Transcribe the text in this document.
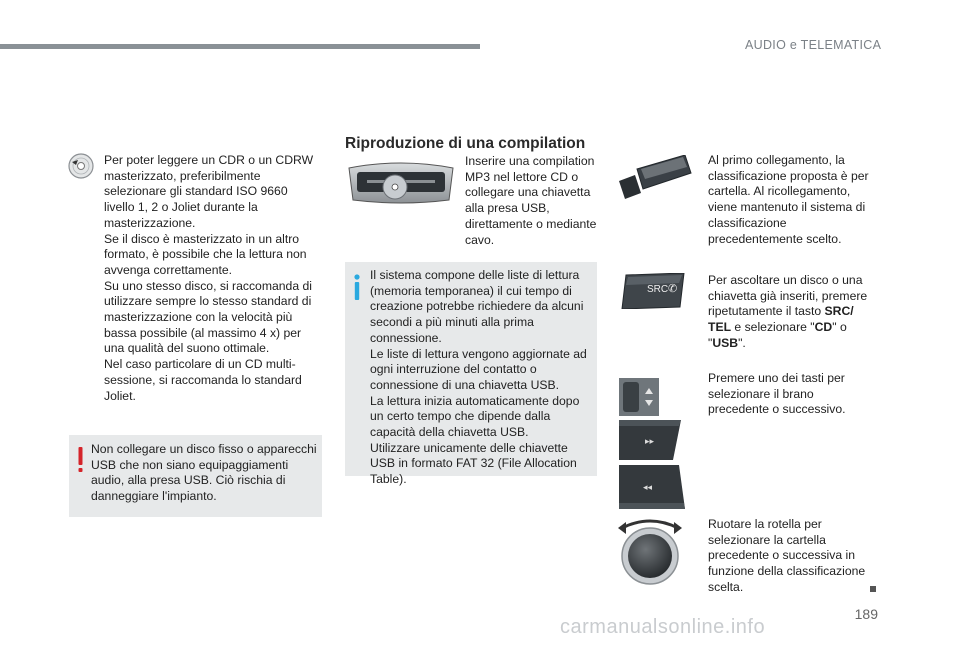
AUDIO e TELEMATICA
Per poter leggere un CDR o un CDRW masterizzato, preferibilmente selezionare gli standard ISO 9660 livello 1, 2 o Joliet durante la masterizzazione.
Se il disco è masterizzato in un altro formato, è possibile che la lettura non avvenga correttamente.
Su uno stesso disco, si raccomanda di utilizzare sempre lo stesso standard di masterizzazione con la velocità più bassa possibile (al massimo 4 x) per una qualità del suono ottimale.
Nel caso particolare di un CD multi-sessione, si raccomanda lo standard Joliet.
Non collegare un disco fisso o apparecchi USB che non siano equipaggiamenti audio, alla presa USB. Ciò rischia di danneggiare l'impianto.
Riproduzione di una compilation
Inserire una compilation MP3 nel lettore CD o collegare una chiavetta alla presa USB, direttamente o mediante cavo.
Il sistema compone delle liste di lettura (memoria temporanea) il cui tempo di creazione potrebbe richiedere da alcuni secondi a più minuti alla prima connessione.
Le liste di lettura vengono aggiornate ad ogni interruzione del contatto o connessione di una chiavetta USB.
La lettura inizia automaticamente dopo un certo tempo che dipende dalla capacità della chiavetta USB.
Utilizzare unicamente delle chiavette USB in formato FAT 32 (File Allocation Table).
Al primo collegamento, la classificazione proposta è per cartella. Al ricollegamento, viene mantenuto il sistema di classificazione precedentemente scelto.
SRC ✆
Per ascoltare un disco o una chiavetta già inseriti, premere ripetutamente il tasto SRC/ TEL e selezionare "CD" o "USB".
Premere uno dei tasti per selezionare il brano precedente o successivo.
▸▸
◂◂
Ruotare la rotella per selezionare la cartella precedente o successiva in funzione della classificazione scelta.
189
carmanualsonline.info
